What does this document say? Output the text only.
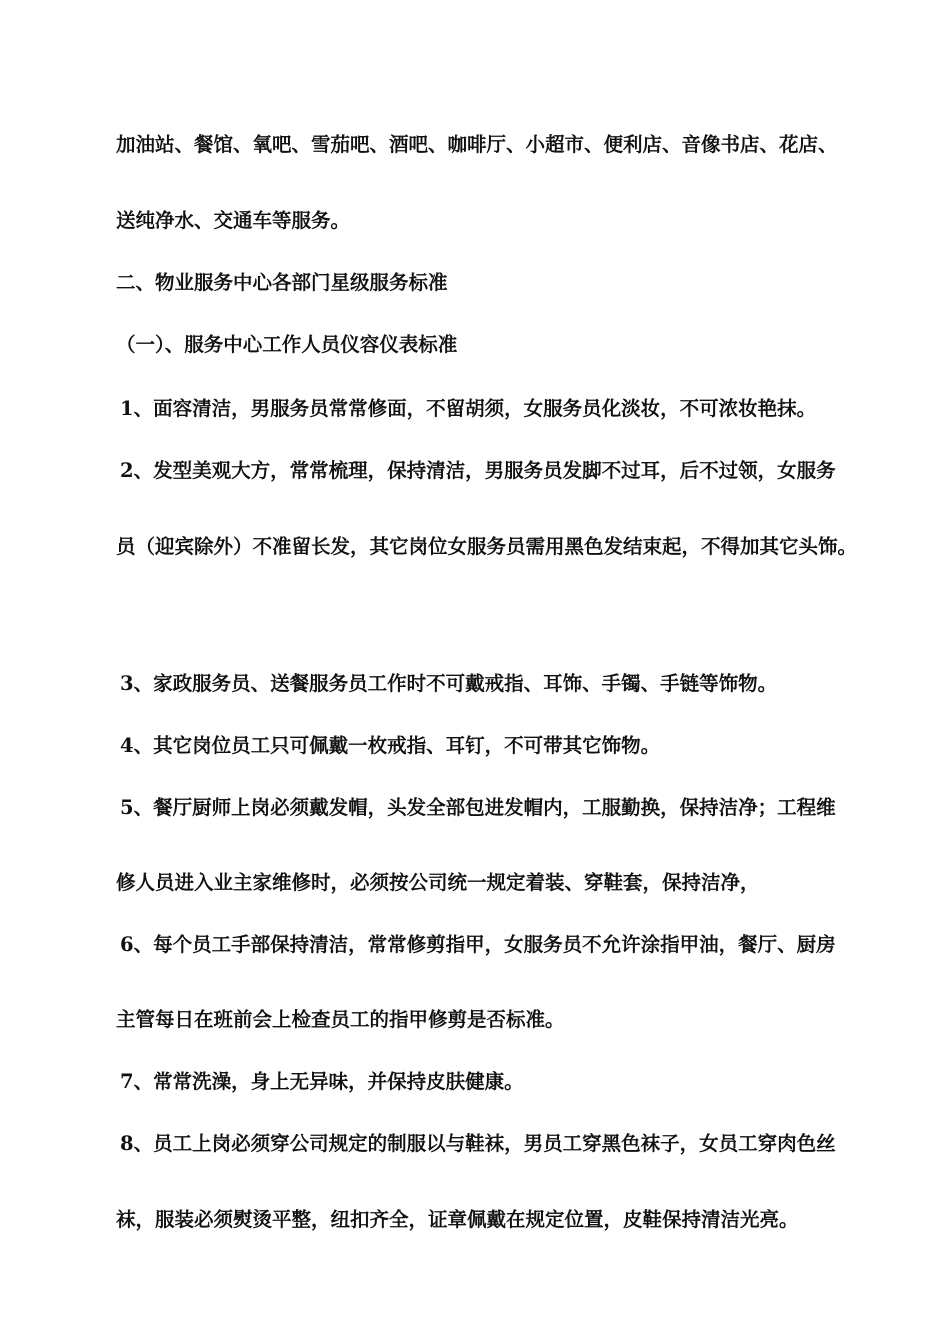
加油站、餐馆、氧吧、雪茄吧、酒吧、咖啡厅、小超市、便利店、音像书店、花店、
送纯净水、交通车等服务。
二、物业服务中心各部门星级服务标准
（一）、服务中心工作人员仪容仪表标准
1、面容清洁，男服务员常常修面，不留胡须，女服务员化淡妆，不可浓妆艳抹。
2、发型美观大方，常常梳理，保持清洁，男服务员发脚不过耳，后不过领，女服务
员（迎宾除外）不准留长发，其它岗位女服务员需用黑色发结束起，不得加其它头饰。
3、家政服务员、送餐服务员工作时不可戴戒指、耳饰、手镯、手链等饰物。
4、其它岗位员工只可佩戴一枚戒指、耳钉，不可带其它饰物。
5、餐厅厨师上岗必须戴发帽，头发全部包进发帽内，工服勤换，保持洁净；工程维
修人员进入业主家维修时，必须按公司统一规定着装、穿鞋套，保持洁净，
6、每个员工手部保持清洁，常常修剪指甲，女服务员不允许涂指甲油，餐厅、厨房
主管每日在班前会上检查员工的指甲修剪是否标准。
7、常常洗澡，身上无异味，并保持皮肤健康。
8、员工上岗必须穿公司规定的制服以与鞋袜，男员工穿黑色袜子，女员工穿肉色丝
袜，服装必须熨烫平整，纽扣齐全，证章佩戴在规定位置，皮鞋保持清洁光亮。
